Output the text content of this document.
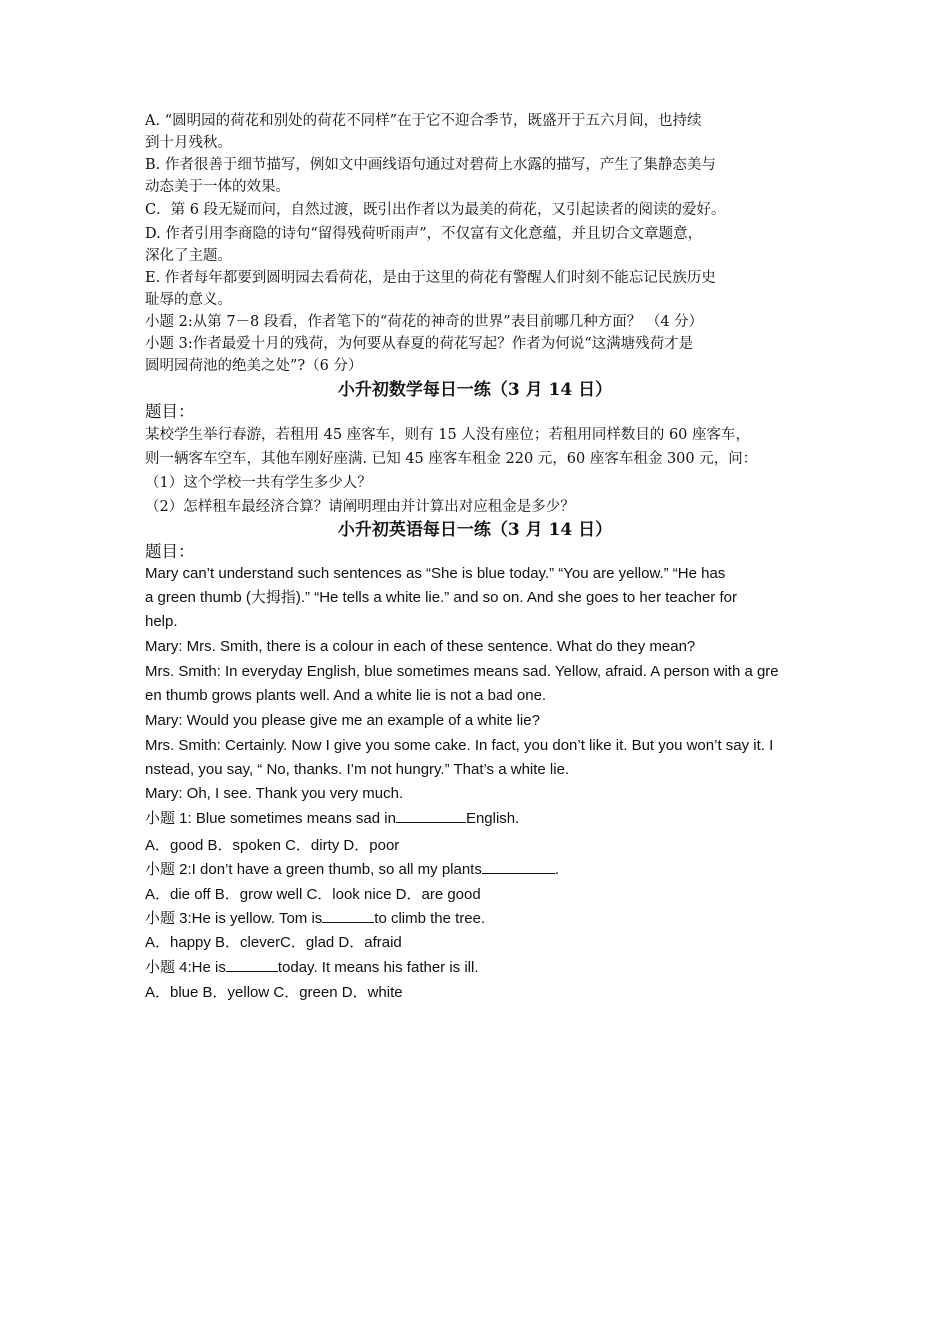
A. “圆明园的荷花和别处的荷花不同样”在于它不迎合季节，既盛开于五六月间，也持续
到十月残秋。
B. 作者很善于细节描写，例如文中画线语句通过对碧荷上水露的描写，产生了集静态美与
动态美于一体的效果。
C．第 6 段无疑而问，自然过渡，既引出作者以为最美的荷花，又引起读者的阅读的爱好。
D. 作者引用李商隐的诗句“留得残荷听雨声”，不仅富有文化意蕴，并且切合文章题意，
深化了主题。
E. 作者每年都要到圆明园去看荷花，是由于这里的荷花有警醒人们时刻不能忘记民族历史
耻辱的意义。
小题 2:从第 7－8 段看，作者笔下的“荷花的神奇的世界”表目前哪几种方面？ （4 分）
小题 3:作者最爱十月的残荷，为何要从春夏的荷花写起？作者为何说“这满塘残荷才是
圆明园荷池的绝美之处”?（6 分）
小升初数学每日一练（3 月 14 日）
题目：
某校学生举行春游，若租用 45 座客车，则有 15 人没有座位；若租用同样数目的 60 座客车，
则一辆客车空车，其他车刚好座满. 已知 45 座客车租金 220 元，60 座客车租金 300 元，问：
（1）这个学校一共有学生多少人？
（2）怎样租车最经济合算？请阐明理由并计算出对应租金是多少？
小升初英语每日一练（3 月 14 日）
题目：
Mary can’t understand such sentences as “She is blue today.” “You are yellow.” “He has
a green thumb (大拇指).” “He tells a white lie.” and so on. And she goes to her teacher for
help.
Mary: Mrs. Smith, there is a colour in each of these sentence. What do they mean?
Mrs. Smith: In everyday English, blue sometimes means sad. Yellow, afraid. A person with a gre
en thumb grows plants well. And a white lie is not a bad one.
Mary: Would you please give me an example of a white lie?
Mrs. Smith: Certainly. Now I give you some cake. In fact, you don’t like it. But you won’t say it. I
nstead, you say, “ No, thanks. I’m not hungry.” That’s a white lie.
Mary: Oh, I see. Thank you very much.
小题 1: Blue sometimes means sad in	English.
A．good B．spoken C．dirty D．poor
小题 2:I don’t have a green thumb, so all my plants	.
A．die off B．grow well C．look nice D．are good
小题 3:He is yellow. Tom is	to climb the tree.
A．happy B．cleverC．glad D．afraid
小题 4:He is	today. It means his father is ill.
A．blue B．yellow C．green D．white
